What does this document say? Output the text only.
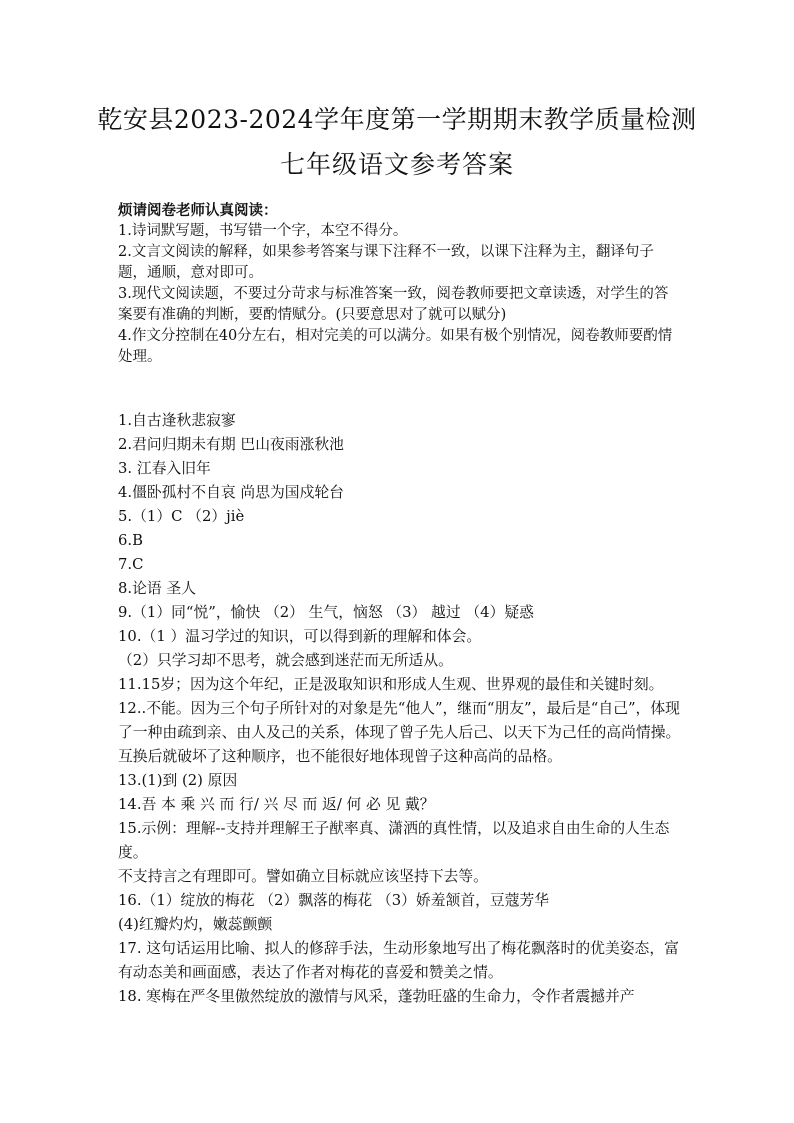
乾安县2023-2024学年度第一学期期末教学质量检测
七年级语文参考答案

烦请阅卷老师认真阅读：

1.诗词默写题，书写错一个字，本空不得分。

2.文言文阅读的解释，如果参考答案与课下注释不一致，以课下注释为主，翻译句子题，通顺，意对即可。

3.现代文阅读题，不要过分苛求与标准答案一致，阅卷教师要把文章读透，对学生的答案要有准确的判断，要酌情赋分。(只要意思对了就可以赋分)

4.作文分控制在40分左右，相对完美的可以满分。如果有极个别情况，阅卷教师要酌情处理。

1.自古逢秋悲寂寥

2.君问归期未有期 巴山夜雨涨秋池

3. 江春入旧年

4.僵卧孤村不自哀 尚思为国戍轮台

5.（1）C （2）jiè

6.B

7.C

8.论语 圣人

9.（1）同“悦”，愉快 （2） 生气，恼怒 （3） 越过 （4）疑惑

10.（1 ）温习学过的知识，可以得到新的理解和体会。

（2）只学习却不思考，就会感到迷茫而无所适从。

11.15岁；因为这个年纪，正是汲取知识和形成人生观、世界观的最佳和关键时刻。

12..不能。因为三个句子所针对的对象是先“他人”，继而“朋友”，最后是“自己”，体现了一种由疏到亲、由人及己的关系，体现了曾子先人后己、以天下为己任的高尚情操。互换后就破坏了这种顺序，也不能很好地体现曾子这种高尚的品格。

13.(1)到 (2) 原因

14.吾 本 乘 兴 而 行/ 兴 尽 而 返/ 何 必 见 戴？

15.示例：理解--支持并理解王子猷率真、潇洒的真性情，以及追求自由生命的人生态度。

不支持言之有理即可。譬如确立目标就应该坚持下去等。

16.（1）绽放的梅花 （2）飘落的梅花 （3）娇羞颔首，豆蔻芳华

(4)红瓣灼灼，嫩蕊颤颤

17. 这句话运用比喻、拟人的修辞手法，生动形象地写出了梅花飘落时的优美姿态，富有动态美和画面感，表达了作者对梅花的喜爱和赞美之情。

18. 寒梅在严冬里傲然绽放的激情与风采，蓬勃旺盛的生命力，令作者震撼并产
